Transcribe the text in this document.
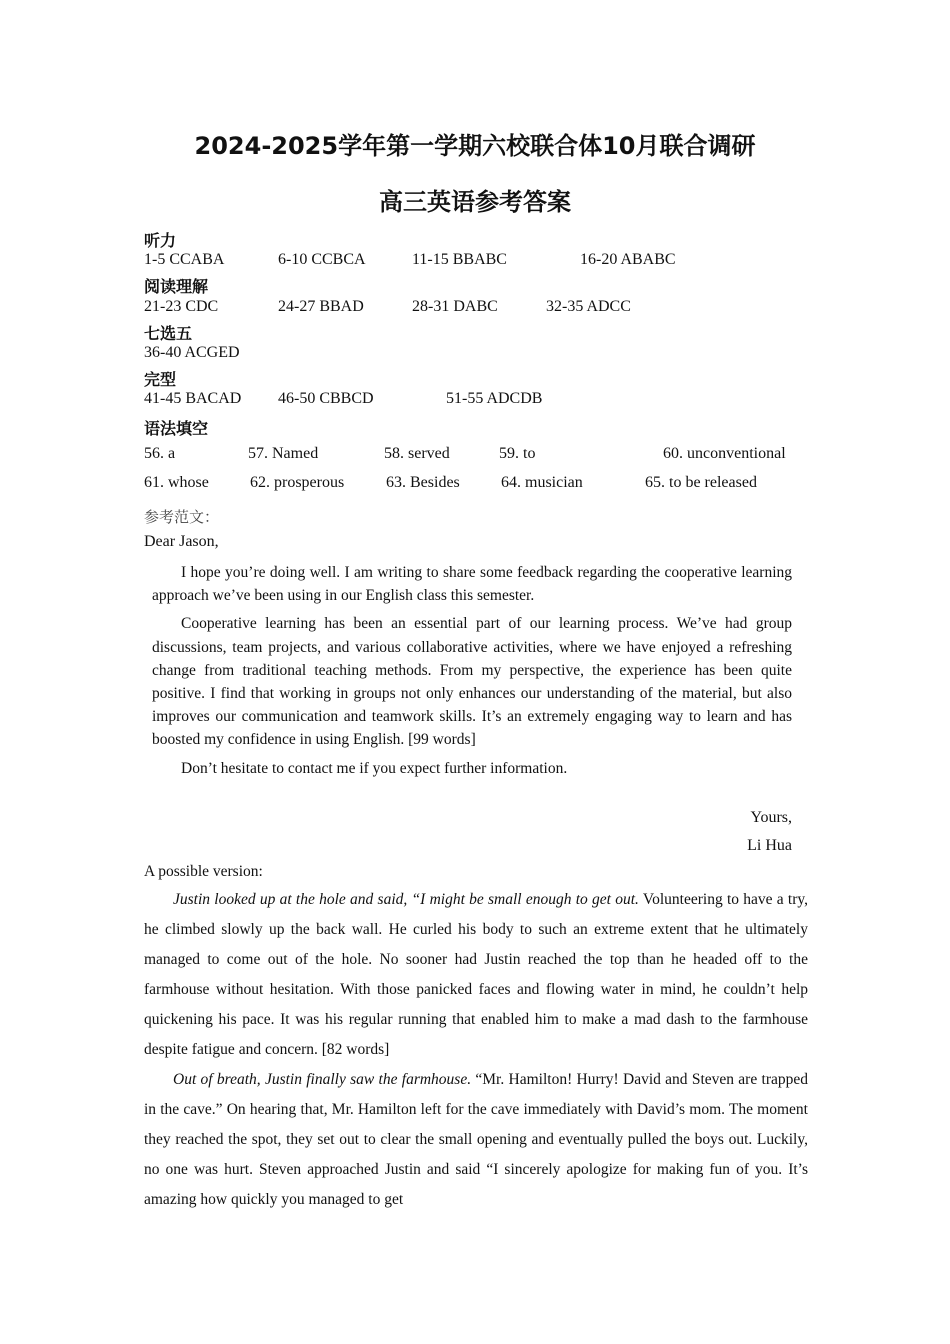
2024-2025学年第一学期六校联合体10月联合调研
高三英语参考答案
听力
1-5 CCABA	6-10 CCBCA	11-15 BBABC	16-20 ABABC
阅读理解
21-23 CDC	24-27 BBAD	28-31 DABC	32-35 ADCC
七选五
36-40 ACGED
完型
41-45 BACAD 46-50 CBBCD	51-55 ADCDB
语法填空
56. a	57. Named	58. served	59. to	60. unconventional
61. whose	62. prosperous	63. Besides	64. musician	65. to be released
参考范文：
Dear Jason,

I hope you’re doing well. I am writing to share some feedback regarding the cooperative learning approach we’ve been using in our English class this semester.

Cooperative learning has been an essential part of our learning process. We’ve had group discussions, team projects, and various collaborative activities, where we have enjoyed a refreshing change from traditional teaching methods. From my perspective, the experience has been quite positive. I find that working in groups not only enhances our understanding of the material, but also improves our communication and teamwork skills. It’s an extremely engaging way to learn and has boosted my confidence in using English. [99 words]

Don’t hesitate to contact me if you expect further information.

Yours,
Li Hua
A possible version:

Justin looked up at the hole and said, “I might be small enough to get out. Volunteering to have a try, he climbed slowly up the back wall. He curled his body to such an extreme extent that he ultimately managed to come out of the hole. No sooner had Justin reached the top than he headed off to the farmhouse without hesitation. With those panicked faces and flowing water in mind, he couldn’t help quickening his pace. It was his regular running that enabled him to make a mad dash to the farmhouse despite fatigue and concern. [82 words]

Out of breath, Justin finally saw the farmhouse. “Mr. Hamilton! Hurry! David and Steven are trapped in the cave.” On hearing that, Mr. Hamilton left for the cave immediately with David’s mom. The moment they reached the spot, they set out to clear the small opening and eventually pulled the boys out. Luckily, no one was hurt. Steven approached Justin and said “I sincerely apologize for making fun of you. It’s amazing how quickly you managed to get
